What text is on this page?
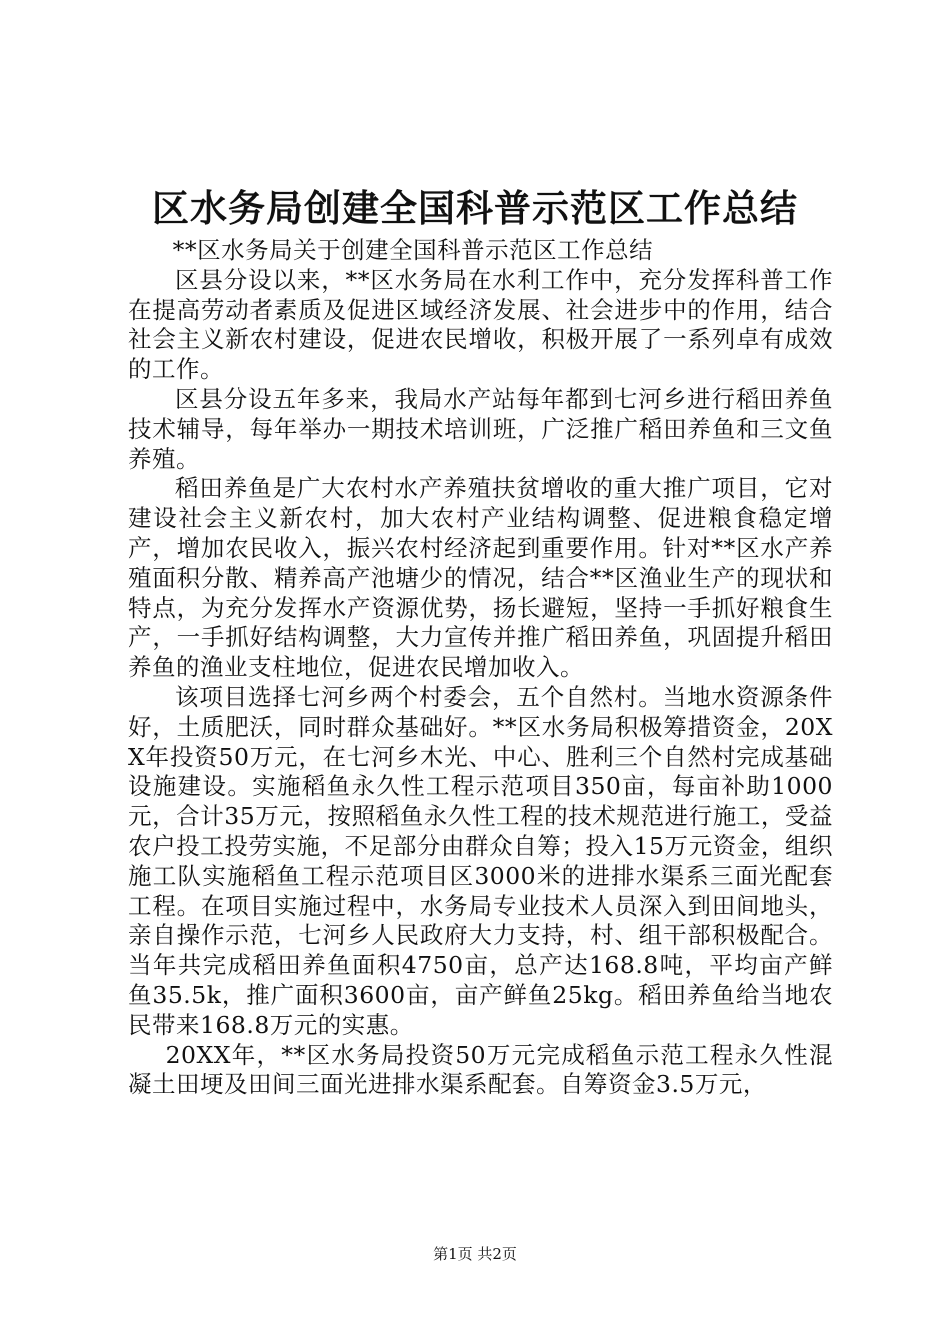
区水务局创建全国科普示范区工作总结

**区水务局关于创建全国科普示范区工作总结

区县分设以来，**区水务局在水利工作中，充分发挥科普工作在提高劳动者素质及促进区域经济发展、社会进步中的作用，结合社会主义新农村建设，促进农民增收，积极开展了一系列卓有成效的工作。

区县分设五年多来，我局水产站每年都到七河乡进行稻田养鱼技术辅导，每年举办一期技术培训班，广泛推广稻田养鱼和三文鱼养殖。

稻田养鱼是广大农村水产养殖扶贫增收的重大推广项目，它对建设社会主义新农村，加大农村产业结构调整、促进粮食稳定增产，增加农民收入，振兴农村经济起到重要作用。针对**区水产养殖面积分散、精养高产池塘少的情况，结合**区渔业生产的现状和特点，为充分发挥水产资源优势，扬长避短，坚持一手抓好粮食生产，一手抓好结构调整，大力宣传并推广稻田养鱼，巩固提升稻田养鱼的渔业支柱地位，促进农民增加收入。

该项目选择七河乡两个村委会，五个自然村。当地水资源条件好，土质肥沃，同时群众基础好。**区水务局积极筹措资金，20XX年投资50万元，在七河乡木光、中心、胜利三个自然村完成基础设施建设。实施稻鱼永久性工程示范项目350亩，每亩补助1000元，合计35万元，按照稻鱼永久性工程的技术规范进行施工，受益农户投工投劳实施，不足部分由群众自筹；投入15万元资金，组织施工队实施稻鱼工程示范项目区3000米的进排水渠系三面光配套工程。在项目实施过程中，水务局专业技术人员深入到田间地头，亲自操作示范，七河乡人民政府大力支持，村、组干部积极配合。当年共完成稻田养鱼面积4750亩，总产达168.8吨，平均亩产鲜鱼35.5k，推广面积3600亩，亩产鲜鱼25kg。稻田养鱼给当地农民带来168.8万元的实惠。

20XX年，**区水务局投资50万元完成稻鱼示范工程永久性混凝土田埂及田间三面光进排水渠系配套。自筹资金3.5万元，

第1页 共2页
